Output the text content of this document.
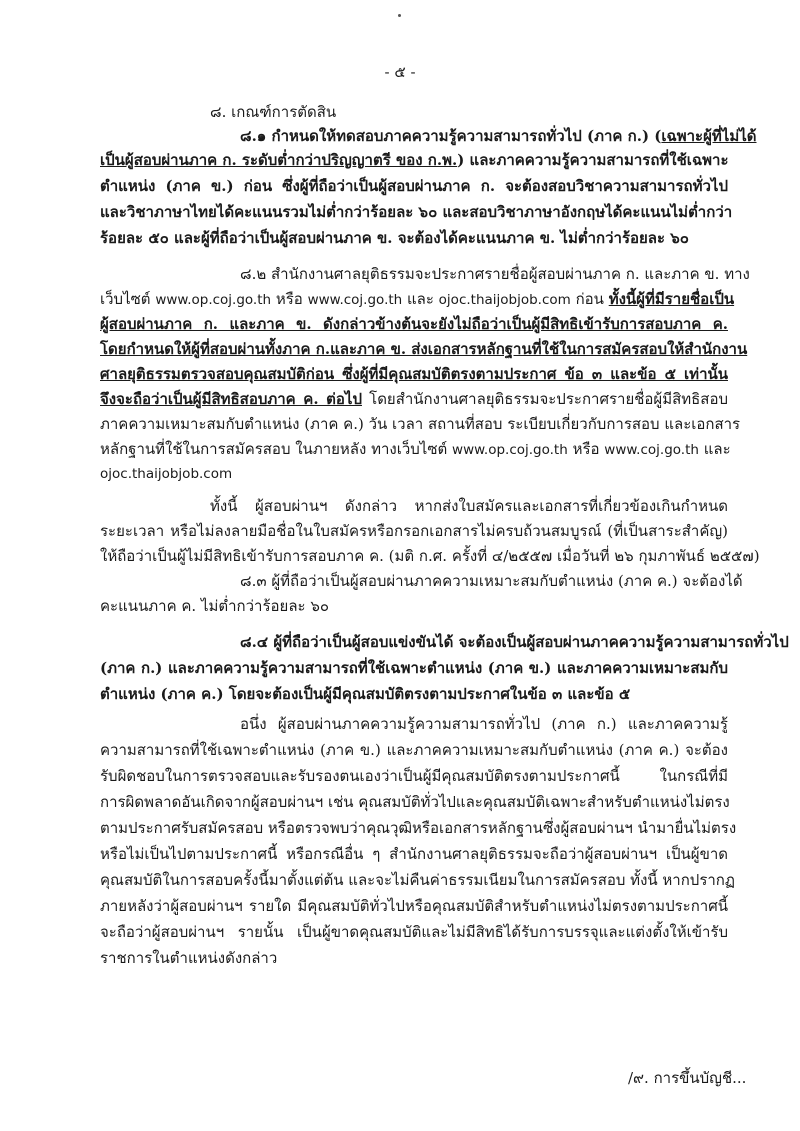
- ๕ -
๘. เกณฑ์การตัดสิน
๘.๑ กำหนดให้ทดสอบภาคความรู้ความสามารถทั่วไป (ภาค ก.) (เฉพาะผู้ที่ไม่ได้
เป็นผู้สอบผ่านภาค ก. ระดับต่ำกว่าปริญญาตรี ของ ก.พ.) และภาคความรู้ความสามารถที่ใช้เฉพาะ
ตำแหน่ง (ภาค ข.) ก่อน ซึ่งผู้ที่ถือว่าเป็นผู้สอบผ่านภาค ก. จะต้องสอบวิชาความสามารถทั่วไป
และวิชาภาษาไทยได้คะแนนรวมไม่ต่ำกว่าร้อยละ ๖๐ และสอบวิชาภาษาอังกฤษได้คะแนนไม่ต่ำกว่า
ร้อยละ ๕๐ และผู้ที่ถือว่าเป็นผู้สอบผ่านภาค ข. จะต้องได้คะแนนภาค ข. ไม่ต่ำกว่าร้อยละ ๖๐
๘.๒ สำนักงานศาลยุติธรรมจะประกาศรายชื่อผู้สอบผ่านภาค ก. และภาค ข. ทาง
เว็บไซต์ www.op.coj.go.th หรือ www.coj.go.th และ ojoc.thaijobjob.com ก่อน ทั้งนี้ผู้ที่มีรายชื่อเป็น
ผู้สอบผ่านภาค ก. และภาค ข. ดังกล่าวข้างต้นจะยังไม่ถือว่าเป็นผู้มีสิทธิเข้ารับการสอบภาค ค.
โดยกำหนดให้ผู้ที่สอบผ่านทั้งภาค ก.และภาค ข. ส่งเอกสารหลักฐานที่ใช้ในการสมัครสอบให้สำนักงาน
ศาลยุติธรรมตรวจสอบคุณสมบัติก่อน ซึ่งผู้ที่มีคุณสมบัติตรงตามประกาศ ข้อ ๓ และข้อ ๕ เท่านั้น
จึงจะถือว่าเป็นผู้มีสิทธิสอบภาค ค. ต่อไป โดยสำนักงานศาลยุติธรรมจะประกาศรายชื่อผู้มีสิทธิสอบ
ภาคความเหมาะสมกับตำแหน่ง (ภาค ค.) วัน เวลา สถานที่สอบ ระเบียบเกี่ยวกับการสอบ และเอกสาร
หลักฐานที่ใช้ในการสมัครสอบ ในภายหลัง ทางเว็บไซต์ www.op.coj.go.th หรือ www.coj.go.th และ
ojoc.thaijobjob.com
ทั้งนี้ ผู้สอบผ่านฯ ดังกล่าว หากส่งใบสมัครและเอกสารที่เกี่ยวข้องเกินกำหนด
ระยะเวลา หรือไม่ลงลายมือชื่อในใบสมัครหรือกรอกเอกสารไม่ครบถ้วนสมบูรณ์ (ที่เป็นสาระสำคัญ)
ให้ถือว่าเป็นผู้ไม่มีสิทธิเข้ารับการสอบภาค ค. (มติ ก.ศ. ครั้งที่ ๔/๒๕๕๗ เมื่อวันที่ ๒๖ กุมภาพันธ์ ๒๕๕๗)
๘.๓ ผู้ที่ถือว่าเป็นผู้สอบผ่านภาคความเหมาะสมกับตำแหน่ง (ภาค ค.) จะต้องได้
คะแนนภาค ค. ไม่ต่ำกว่าร้อยละ ๖๐
๘.๔ ผู้ที่ถือว่าเป็นผู้สอบแข่งขันได้ จะต้องเป็นผู้สอบผ่านภาคความรู้ความสามารถทั่วไป
(ภาค ก.) และภาคความรู้ความสามารถที่ใช้เฉพาะตำแหน่ง (ภาค ข.) และภาคความเหมาะสมกับ
ตำแหน่ง (ภาค ค.) โดยจะต้องเป็นผู้มีคุณสมบัติตรงตามประกาศในข้อ ๓ และข้อ ๕
อนึ่ง ผู้สอบผ่านภาคความรู้ความสามารถทั่วไป (ภาค ก.) และภาคความรู้
ความสามารถที่ใช้เฉพาะตำแหน่ง (ภาค ข.) และภาคความเหมาะสมกับตำแหน่ง (ภาค ค.) จะต้อง
รับผิดชอบในการตรวจสอบและรับรองตนเองว่าเป็นผู้มีคุณสมบัติตรงตามประกาศนี้ ในกรณีที่มี
การผิดพลาดอันเกิดจากผู้สอบผ่านฯ เช่น คุณสมบัติทั่วไปและคุณสมบัติเฉพาะสำหรับตำแหน่งไม่ตรง
ตามประกาศรับสมัครสอบ หรือตรวจพบว่าคุณวุฒิหรือเอกสารหลักฐานซึ่งผู้สอบผ่านฯ นำมายื่นไม่ตรง
หรือไม่เป็นไปตามประกาศนี้ หรือกรณีอื่น ๆ สำนักงานศาลยุติธรรมจะถือว่าผู้สอบผ่านฯ เป็นผู้ขาด
คุณสมบัติในการสอบครั้งนี้มาตั้งแต่ต้น และจะไม่คืนค่าธรรมเนียมในการสมัครสอบ ทั้งนี้ หากปรากฏ
ภายหลังว่าผู้สอบผ่านฯ รายใด มีคุณสมบัติทั่วไปหรือคุณสมบัติสำหรับตำแหน่งไม่ตรงตามประกาศนี้
จะถือว่าผู้สอบผ่านฯ รายนั้น เป็นผู้ขาดคุณสมบัติและไม่มีสิทธิได้รับการบรรจุและแต่งตั้งให้เข้ารับ
ราชการในตำแหน่งดังกล่าว
/๙. การขึ้นบัญชี...
